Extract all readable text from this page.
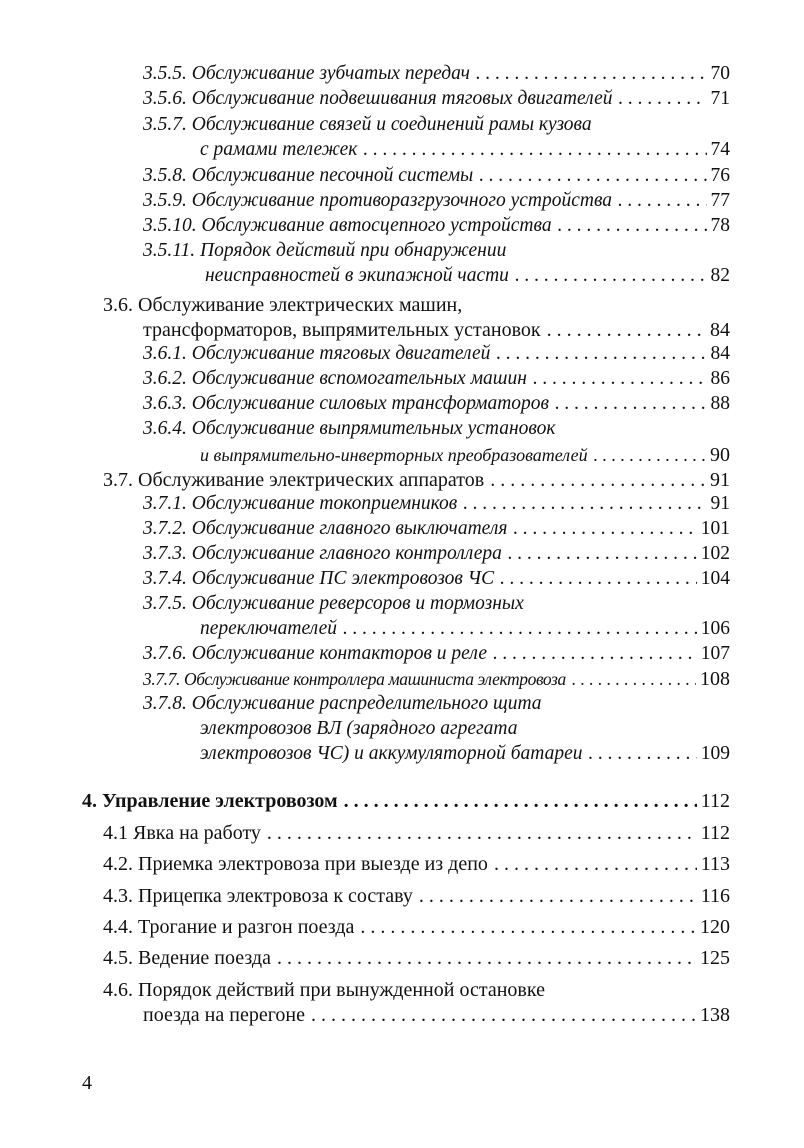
3.5.5. Обслуживание зубчатых передач . . .	70
3.5.6. Обслуживание подвешивания тяговых двигателей . . .	71
3.5.7. Обслуживание связей и соединений рамы кузова
с рамами тележек . . .	74
3.5.8. Обслуживание песочной системы . . .	76
3.5.9. Обслуживание противоразгрузочного устройства . . .	77
3.5.10. Обслуживание автосцепного устройства . . .	78
3.5.11. Порядок действий при обнаружении
неисправностей в экипажной части . . .	82
3.6. Обслуживание электрических машин,
трансформаторов, выпрямительных установок . . .	84
3.6.1. Обслуживание тяговых двигателей . . .	84
3.6.2. Обслуживание вспомогательных машин . . .	86
3.6.3. Обслуживание силовых трансформаторов . . .	88
3.6.4. Обслуживание выпрямительных установок
и выпрямительно-инверторных преобразователей . . .	90
3.7. Обслуживание электрических аппаратов . . .	91
3.7.1. Обслуживание токоприемников . . .	91
3.7.2. Обслуживание главного выключателя . . .	101
3.7.3. Обслуживание главного контроллера . . .	102
3.7.4. Обслуживание ПС электровозов ЧС . . .	104
3.7.5. Обслуживание реверсоров и тормозных
переключателей . . .	106
3.7.6. Обслуживание контакторов и реле . . .	107
3.7.7. Обслуживание контроллера машиниста электровоза . . .	108
3.7.8. Обслуживание распределительного щита
электровозов ВЛ (зарядного агрегата
электровозов ЧС) и аккумуляторной батареи . . .	109
4. Управление электровозом . . .	112
4.1 Явка на работу . . .	112
4.2. Приемка электровоза при выезде из депо . . .	113
4.3. Прицепка электровоза к составу . . .	116
4.4. Трогание и разгон поезда . . .	120
4.5. Ведение поезда . . .	125
4.6. Порядок действий при вынужденной остановке
поезда на перегоне . . .	138
4
